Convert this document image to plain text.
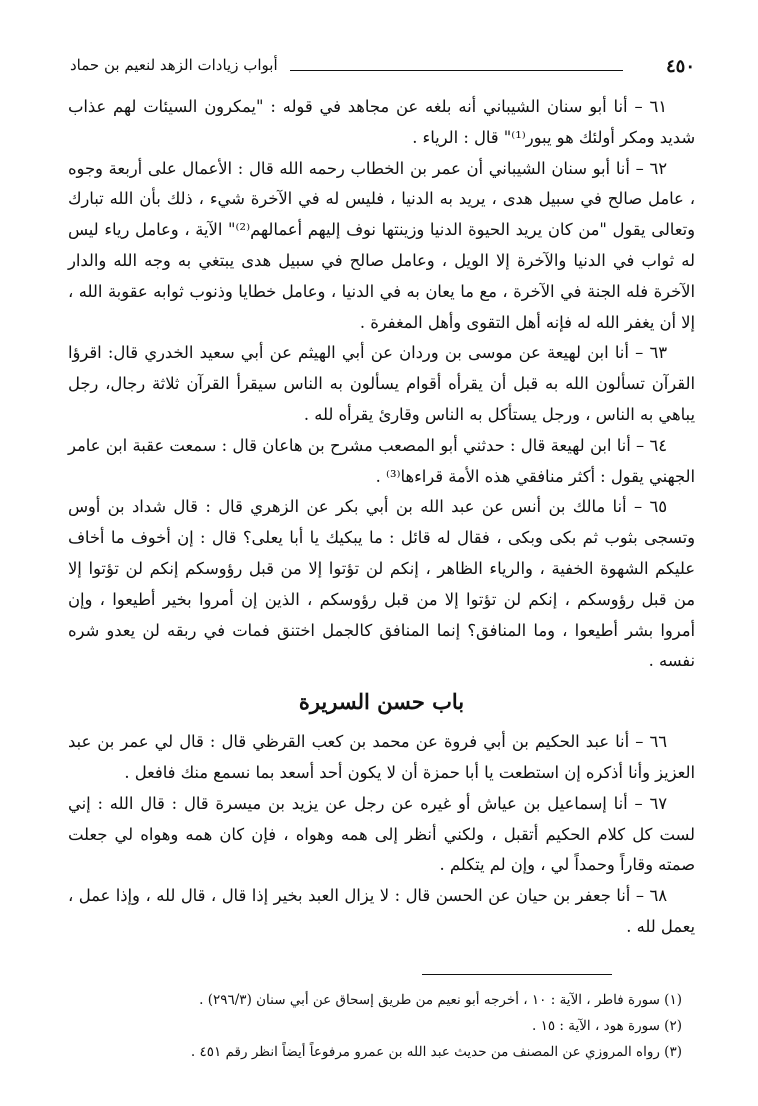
٤٥٠
أبواب زيادات الزهد لنعيم بن حماد

٦١ – أنا أبو سنان الشيباني أنه بلغه عن مجاهد في قوله : "يمكرون السيئات لهم عذاب شديد ومكر أولئك هو يبور⁽¹⁾" قال : الرياء .

٦٢ – أنا أبو سنان الشيباني أن عمر بن الخطاب رحمه الله قال : الأعمال على أربعة وجوه ، عامل صالح في سبيل هدى ، يريد به الدنيا ، فليس له في الآخرة شيء ، ذلك بأن الله تبارك وتعالى يقول "من كان يريد الحيوة الدنيا وزينتها نوف إليهم أعمالهم⁽²⁾" الآية ، وعامل رياء ليس له ثواب في الدنيا والآخرة إلا الويل ، وعامل صالح في سبيل هدى يبتغي به وجه الله والدار الآخرة فله الجنة في الآخرة ، مع ما يعان به في الدنيا ، وعامل خطايا وذنوب ثوابه عقوبة الله ، إلا أن يغفر الله له فإنه أهل التقوى وأهل المغفرة .

٦٣ – أنا ابن لهيعة عن موسى بن وردان عن أبي الهيثم عن أبي سعيد الخدري قال: اقرؤا القرآن تسألون الله به قبل أن يقرأه أقوام يسألون به الناس سيقرأ القرآن ثلاثة رجال، رجل يباهي به الناس ، ورجل يستأكل به الناس وقارئ يقرأه لله .

٦٤ – أنا ابن لهيعة قال : حدثني أبو المصعب مشرح بن هاعان قال : سمعت عقبة ابن عامر الجهني يقول : أكثر منافقي هذه الأمة قراءها⁽³⁾ .

٦٥ – أنا مالك بن أنس عن عبد الله بن أبي بكر عن الزهري قال : قال شداد بن أوس وتسجى بثوب ثم بكى وبكى ، فقال له قائل : ما يبكيك يا أبا يعلى؟ قال : إن أخوف ما أخاف عليكم الشهوة الخفية ، والرياء الظاهر ، إنكم لن تؤتوا إلا من قبل رؤوسكم إنكم لن تؤتوا إلا من قبل رؤوسكم ، إنكم لن تؤتوا إلا من قبل رؤوسكم ، الذين إن أمروا بخير أطيعوا ، وإن أمروا بشر أطيعوا ، وما المنافق؟ إنما المنافق كالجمل اختنق فمات في ربقه لن يعدو شره نفسه .

باب حسن السريرة

٦٦ – أنا عبد الحكيم بن أبي فروة عن محمد بن كعب القرظي قال : قال لي عمر بن عبد العزيز وأنا أذكره إن استطعت يا أبا حمزة أن لا يكون أحد أسعد بما نسمع منك فافعل .

٦٧ – أنا إسماعيل بن عياش أو غيره عن رجل عن يزيد بن ميسرة قال : قال الله : إني لست كل كلام الحكيم أتقبل ، ولكني أنظر إلى همه وهواه ، فإن كان همه وهواه لي جعلت صمته وقاراً وحمداً لي ، وإن لم يتكلم .

٦٨ – أنا جعفر بن حيان عن الحسن قال : لا يزال العبد بخير إذا قال ، قال لله ، وإذا عمل ، يعمل لله .

(١) سورة فاطر ، الآية : ١٠ ، أخرجه أبو نعيم من طريق إسحاق عن أبي سنان (٢٩٦/٣) .

(٢) سورة هود ، الآية : ١٥ .

(٣) رواه المروزي عن المصنف من حديث عبد الله بن عمرو مرفوعاً أيضاً انظر رقم ٤٥١ .
